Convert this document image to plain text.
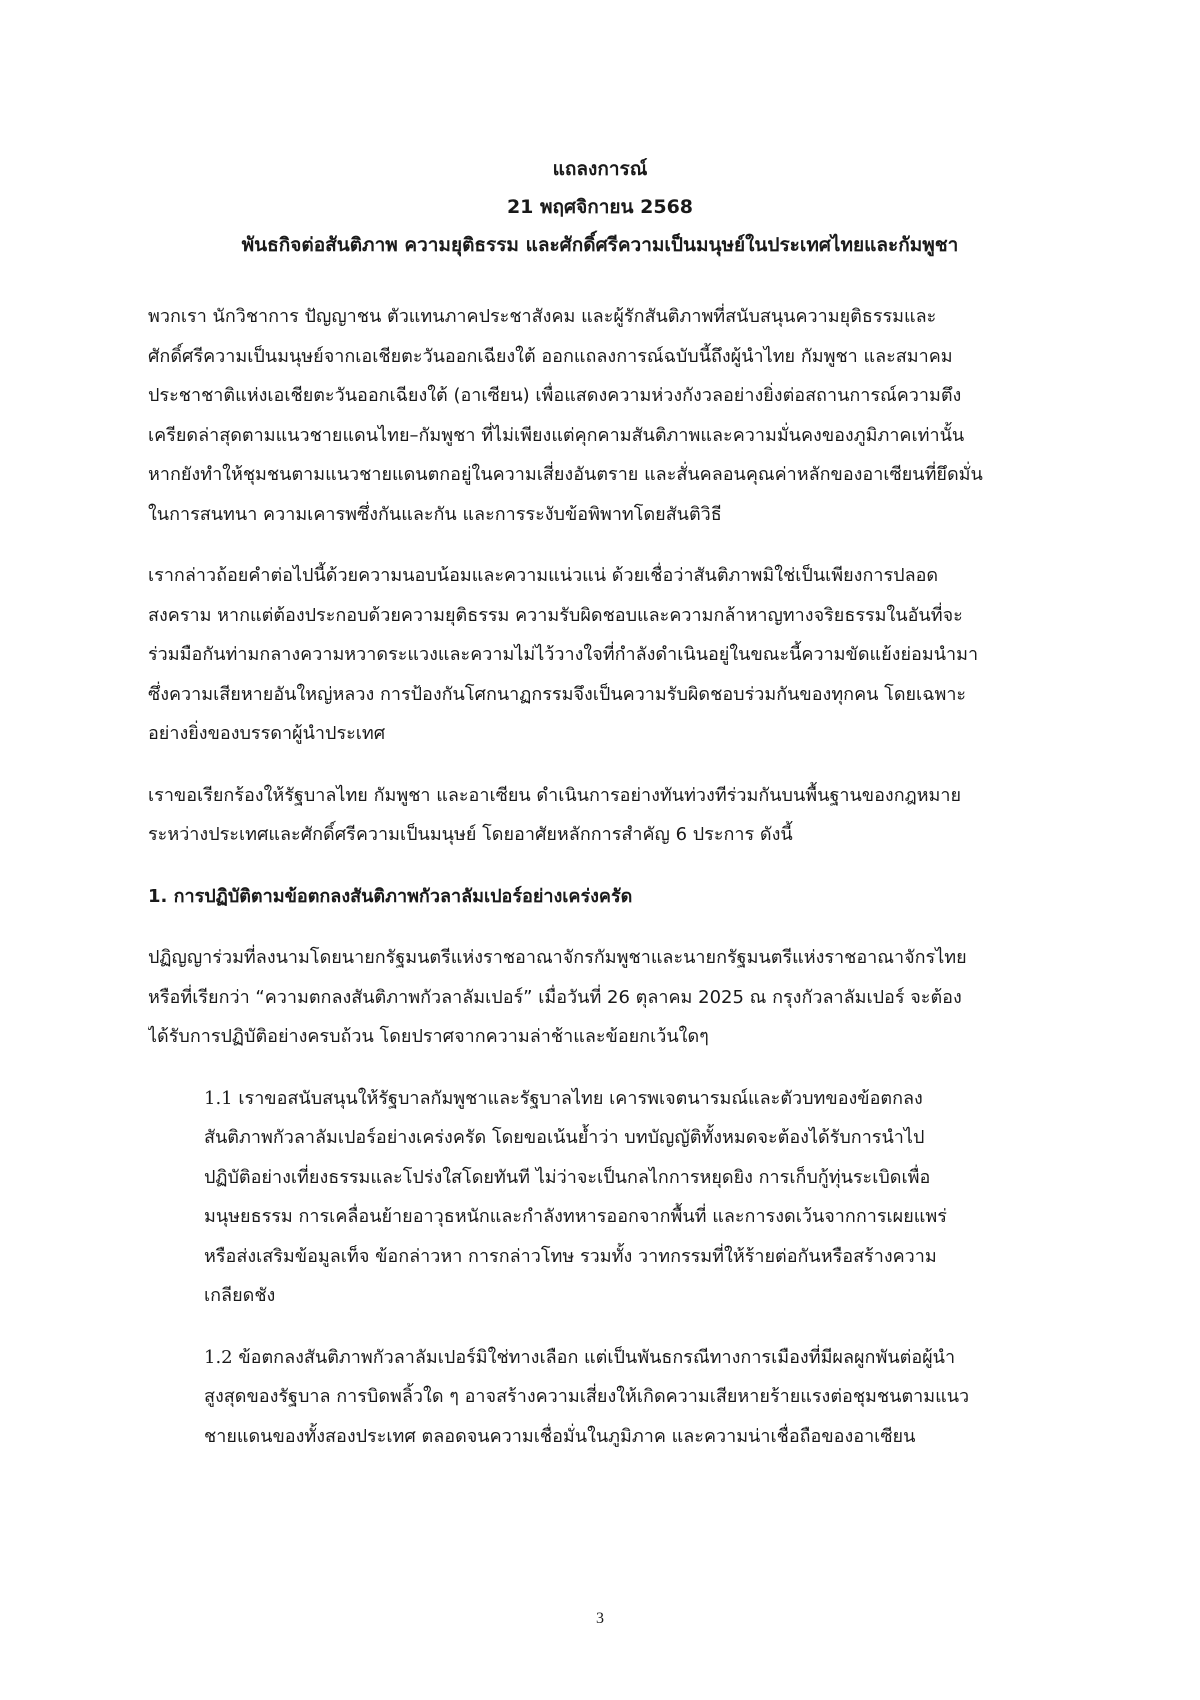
แถลงการณ์
21 พฤศจิกายน 2568
พันธกิจต่อสันติภาพ ความยุติธรรม และศักดิ์ศรีความเป็นมนุษย์ในประเทศไทยและกัมพูชา
พวกเรา นักวิชาการ ปัญญาชน ตัวแทนภาคประชาสังคม และผู้รักสันติภาพที่สนับสนุนความยุติธรรมและ
ศักดิ์ศรีความเป็นมนุษย์จากเอเชียตะวันออกเฉียงใต้ ออกแถลงการณ์ฉบับนี้ถึงผู้นำไทย กัมพูชา และสมาคม
ประชาชาติแห่งเอเชียตะวันออกเฉียงใต้ (อาเซียน) เพื่อแสดงความห่วงกังวลอย่างยิ่งต่อสถานการณ์ความตึง
เครียดล่าสุดตามแนวชายแดนไทย–กัมพูชา ที่ไม่เพียงแต่คุกคามสันติภาพและความมั่นคงของภูมิภาคเท่านั้น
หากยังทำให้ชุมชนตามแนวชายแดนตกอยู่ในความเสี่ยงอันตราย และสั่นคลอนคุณค่าหลักของอาเซียนที่ยึดมั่น
ในการสนทนา ความเคารพซึ่งกันและกัน และการระงับข้อพิพาทโดยสันติวิธี
เรากล่าวถ้อยคำต่อไปนี้ด้วยความนอบน้อมและความแน่วแน่ ด้วยเชื่อว่าสันติภาพมิใช่เป็นเพียงการปลอด
สงคราม หากแต่ต้องประกอบด้วยความยุติธรรม ความรับผิดชอบและความกล้าหาญทางจริยธรรมในอันที่จะ
ร่วมมือกันท่ามกลางความหวาดระแวงและความไม่ไว้วางใจที่กำลังดำเนินอยู่ในขณะนี้ความขัดแย้งย่อมนำมา
ซึ่งความเสียหายอันใหญ่หลวง การป้องกันโศกนาฏกรรมจึงเป็นความรับผิดชอบร่วมกันของทุกคน โดยเฉพาะ
อย่างยิ่งของบรรดาผู้นำประเทศ
เราขอเรียกร้องให้รัฐบาลไทย กัมพูชา และอาเซียน ดำเนินการอย่างทันท่วงทีร่วมกันบนพื้นฐานของกฎหมาย
ระหว่างประเทศและศักดิ์ศรีความเป็นมนุษย์ โดยอาศัยหลักการสำคัญ 6 ประการ ดังนี้
1. การปฏิบัติตามข้อตกลงสันติภาพกัวลาลัมเปอร์อย่างเคร่งครัด
ปฏิญญาร่วมที่ลงนามโดยนายกรัฐมนตรีแห่งราชอาณาจักรกัมพูชาและนายกรัฐมนตรีแห่งราชอาณาจักรไทย
หรือที่เรียกว่า “ความตกลงสันติภาพกัวลาลัมเปอร์” เมื่อวันที่ 26 ตุลาคม 2025 ณ กรุงกัวลาลัมเปอร์ จะต้อง
ได้รับการปฏิบัติอย่างครบถ้วน โดยปราศจากความล่าช้าและข้อยกเว้นใดๆ
1.1 เราขอสนับสนุนให้รัฐบาลกัมพูชาและรัฐบาลไทย เคารพเจตนารมณ์และตัวบทของข้อตกลง
สันติภาพกัวลาลัมเปอร์อย่างเคร่งครัด โดยขอเน้นย้ำว่า บทบัญญัติทั้งหมดจะต้องได้รับการนำไป
ปฏิบัติอย่างเที่ยงธรรมและโปร่งใสโดยทันที ไม่ว่าจะเป็นกลไกการหยุดยิง การเก็บกู้ทุ่นระเบิดเพื่อ
มนุษยธรรม การเคลื่อนย้ายอาวุธหนักและกำลังทหารออกจากพื้นที่ และการงดเว้นจากการเผยแพร่
หรือส่งเสริมข้อมูลเท็จ ข้อกล่าวหา การกล่าวโทษ รวมทั้ง วาทกรรมที่ให้ร้ายต่อกันหรือสร้างความ
เกลียดชัง
1.2 ข้อตกลงสันติภาพกัวลาลัมเปอร์มิใช่ทางเลือก แต่เป็นพันธกรณีทางการเมืองที่มีผลผูกพันต่อผู้นำ
สูงสุดของรัฐบาล การบิดพลิ้วใด ๆ อาจสร้างความเสี่ยงให้เกิดความเสียหายร้ายแรงต่อชุมชนตามแนว
ชายแดนของทั้งสองประเทศ ตลอดจนความเชื่อมั่นในภูมิภาค และความน่าเชื่อถือของอาเซียน
3
